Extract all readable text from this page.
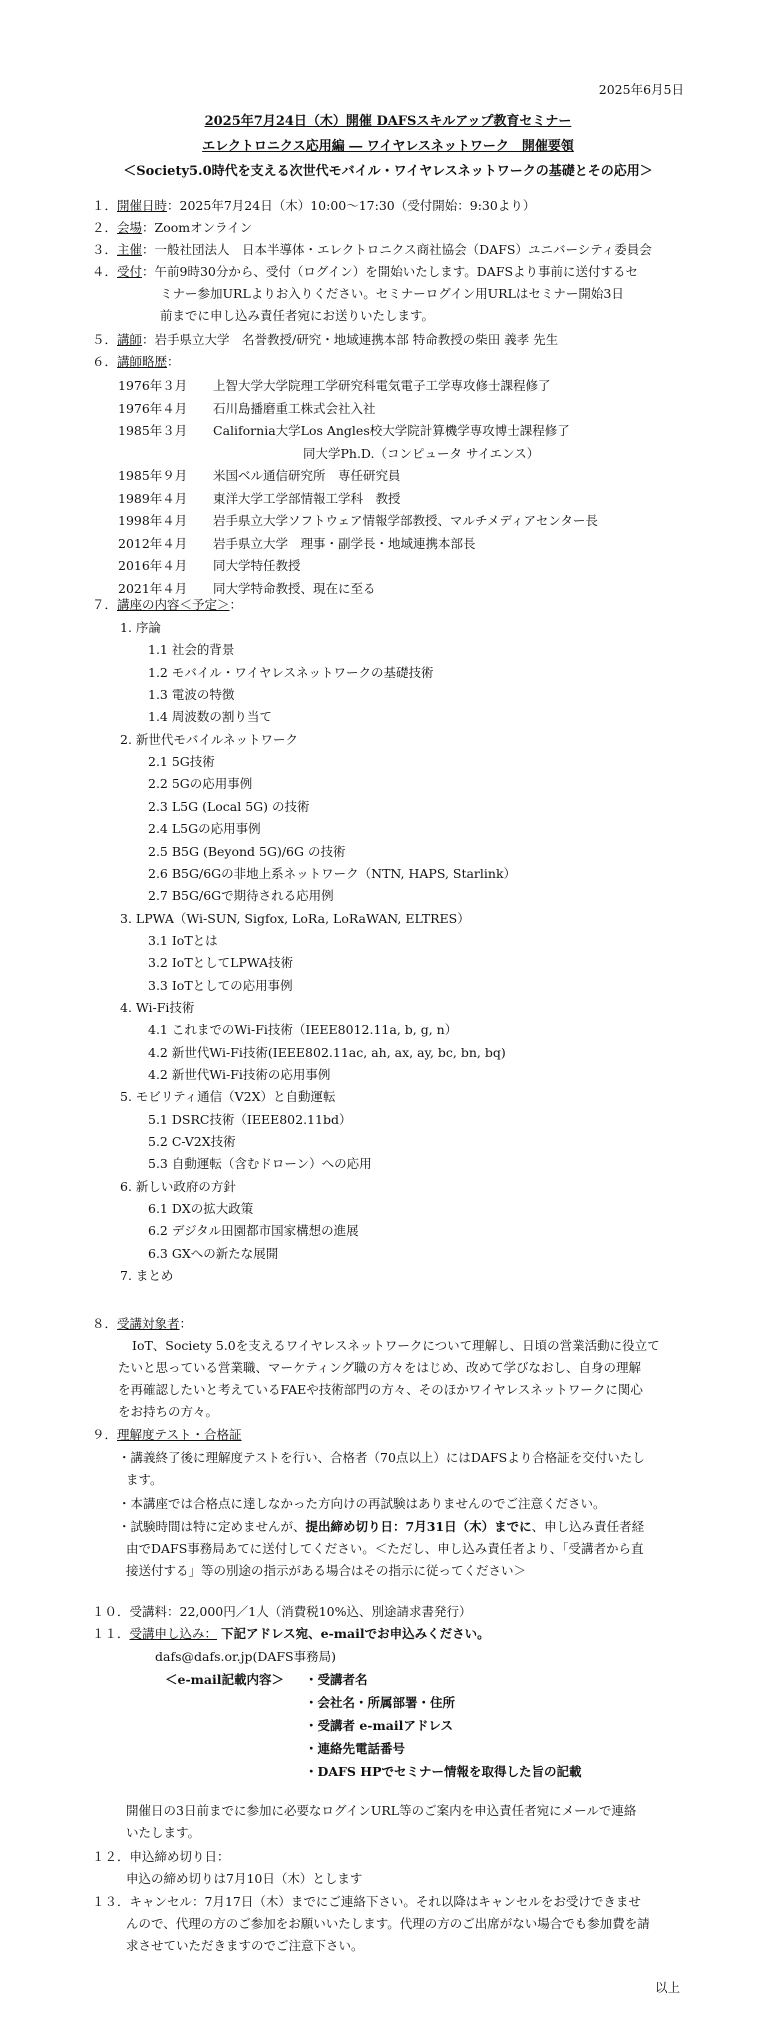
2025年6月5日
2025年7月24日（木）開催 DAFSスキルアップ教育セミナー
エレクトロニクス応用編 ― ワイヤレスネットワーク　開催要領
＜Society5.0時代を支える次世代モバイル・ワイヤレスネットワークの基礎とその応用＞
１．開催日時：2025年7月24日（木）10:00～17:30（受付開始：9:30より）
２．会場：Zoomオンライン
３．主催：一般社団法人　日本半導体・エレクトロニクス商社協会（DAFS）ユニバーシティ委員会
４．受付：午前9時30分から、受付（ログイン）を開始いたします。DAFSより事前に送付するセ
ミナー参加URLよりお入りください。セミナーログイン用URLはセミナー開始3日
前までに申し込み責任者宛にお送りいたします。
５．講師：岩手県立大学　名誉教授/研究・地域連携本部 特命教授の柴田 義孝 先生
６．講師略歴：
1976年３月 上智大学大学院理工学研究科電気電子工学専攻修士課程修了
1976年４月 石川島播磨重工株式会社入社
1985年３月 California大学Los Angles校大学院計算機学専攻博士課程修了
同大学Ph.D.（コンピュータ サイエンス）
1985年９月 米国ベル通信研究所　専任研究員
1989年４月 東洋大学工学部情報工学科　教授
1998年４月 岩手県立大学ソフトウェア情報学部教授、マルチメディアセンター長
2012年４月 岩手県立大学　理事・副学長・地域連携本部長
2016年４月 同大学特任教授
2021年４月 同大学特命教授、現在に至る
７．講座の内容＜予定＞：
1. 序論
1.1 社会的背景
1.2 モバイル・ワイヤレスネットワークの基礎技術
1.3 電波の特徴
1.4 周波数の割り当て
2. 新世代モバイルネットワーク
2.1 5G技術
2.2 5Gの応用事例
2.3 L5G (Local 5G) の技術
2.4 L5Gの応用事例
2.5 B5G (Beyond 5G)/6G の技術
2.6 B5G/6Gの非地上系ネットワーク（NTN, HAPS, Starlink）
2.7 B5G/6Gで期待される応用例
3. LPWA（Wi-SUN, Sigfox, LoRa, LoRaWAN, ELTRES）
3.1 IoTとは
3.2 IoTとしてLPWA技術
3.3 IoTとしての応用事例
4. Wi-Fi技術
4.1 これまでのWi-Fi技術（IEEE8012.11a, b, g, n）
4.2 新世代Wi-Fi技術(IEEE802.11ac, ah, ax, ay, bc, bn, bq)
4.2 新世代Wi-Fi技術の応用事例
5. モビリティ通信（V2X）と自動運転
5.1 DSRC技術（IEEE802.11bd）
5.2 C-V2X技術
5.3 自動運転（含むドローン）への応用
6. 新しい政府の方針
6.1 DXの拡大政策
6.2 デジタル田園都市国家構想の進展
6.3 GXへの新たな展開
7. まとめ
８．受講対象者：
IoT、Society 5.0を支えるワイヤレスネットワークについて理解し、日頃の営業活動に役立て
たいと思っている営業職、マーケティング職の方々をはじめ、改めて学びなおし、自身の理解
を再確認したいと考えているFAEや技術部門の方々、そのほかワイヤレスネットワークに関心
をお持ちの方々。
９．理解度テスト・合格証
・講義終了後に理解度テストを行い、合格者（70点以上）にはDAFSより合格証を交付いたし
ます。
・本講座では合格点に達しなかった方向けの再試験はありませんのでご注意ください。
・試験時間は特に定めませんが、提出締め切り日：7月31日（木）までに、申し込み責任者経
由でDAFS事務局あてに送付してください。＜ただし、申し込み責任者より、「受講者から直
接送付する」等の別途の指示がある場合はその指示に従ってください＞
１０．受講料：22,000円／1人（消費税10%込、別途請求書発行）
１１．受講申し込み： 下記アドレス宛、e-mailでお申込みください。
dafs@dafs.or.jp(DAFS事務局)
＜e-mail記載内容＞ ・受講者名
・会社名・所属部署・住所
・受講者 e-mailアドレス
・連絡先電話番号
・DAFS HPでセミナー情報を取得した旨の記載
開催日の3日前までに参加に必要なログインURL等のご案内を申込責任者宛にメールで連絡
いたします。
１２．申込締め切り日：
申込の締め切りは7月10日（木）とします
１３．キャンセル：7月17日（木）までにご連絡下さい。それ以降はキャンセルをお受けできませ
んので、代理の方のご参加をお願いいたします。代理の方のご出席がない場合でも参加費を請
求させていただきますのでご注意下さい。
以上
